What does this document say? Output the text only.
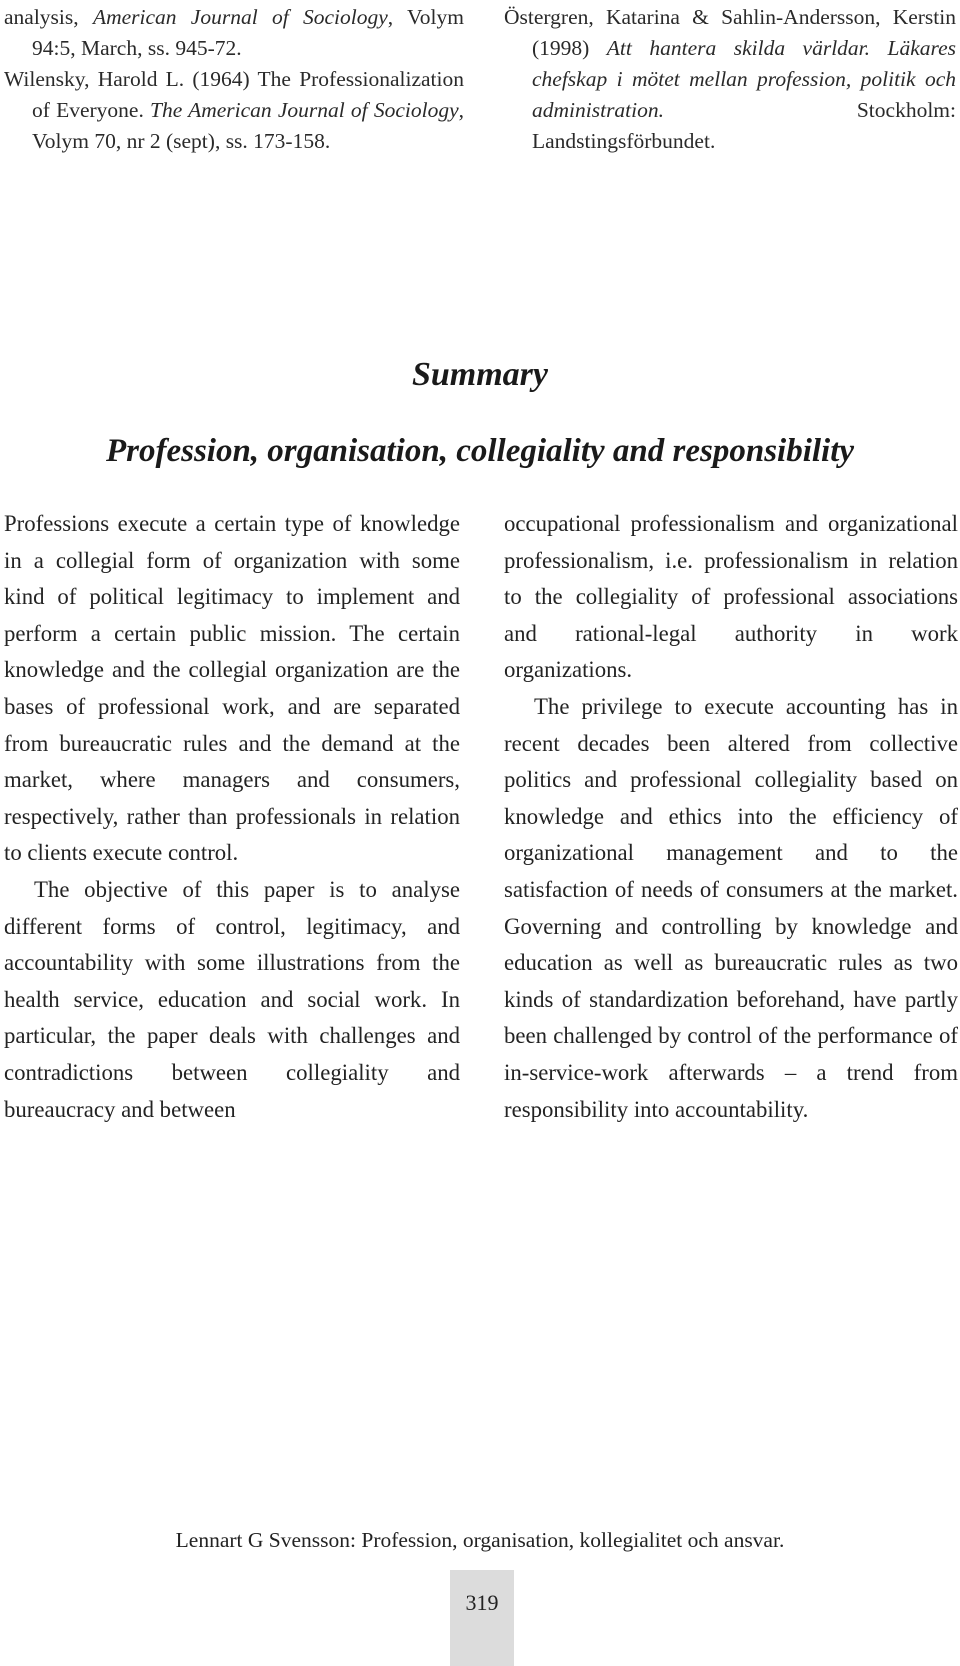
analysis, American Journal of Sociology, Volym 94:5, March, ss. 945-72.

Wilensky, Harold L. (1964) The Professionalization of Everyone. The American Journal of Sociology, Volym 70, nr 2 (sept), ss. 173-158.

Östergren, Katarina & Sahlin-Andersson, Kerstin (1998) Att hantera skilda världar. Läkares chefskap i mötet mellan profession, politik och administration. Stockholm: Landstingsförbundet.

Summary
Profession, organisation, collegiality and responsibility

Professions execute a certain type of knowledge in a collegial form of organization with some kind of political legitimacy to implement and perform a certain public mission. The certain knowledge and the collegial organization are the bases of professional work, and are separated from bureaucratic rules and the demand at the market, where managers and consumers, respectively, rather than professionals in relation to clients execute control.

The objective of this paper is to analyse different forms of control, legitimacy, and accountability with some illustrations from the health service, education and social work. In particular, the paper deals with challenges and contradictions between collegiality and bureaucracy and between

occupational professionalism and organizational professionalism, i.e. professionalism in relation to the collegiality of professional associations and rational-legal authority in work organizations.

The privilege to execute accounting has in recent decades been altered from collective politics and professional collegiality based on knowledge and ethics into the efficiency of organizational management and to the satisfaction of needs of consumers at the market. Governing and controlling by knowledge and education as well as bureaucratic rules as two kinds of standardization beforehand, have partly been challenged by control of the performance of in-service-work afterwards – a trend from responsibility into accountability.

Lennart G Svensson: Profession, organisation, kollegialitet och ansvar.
319
